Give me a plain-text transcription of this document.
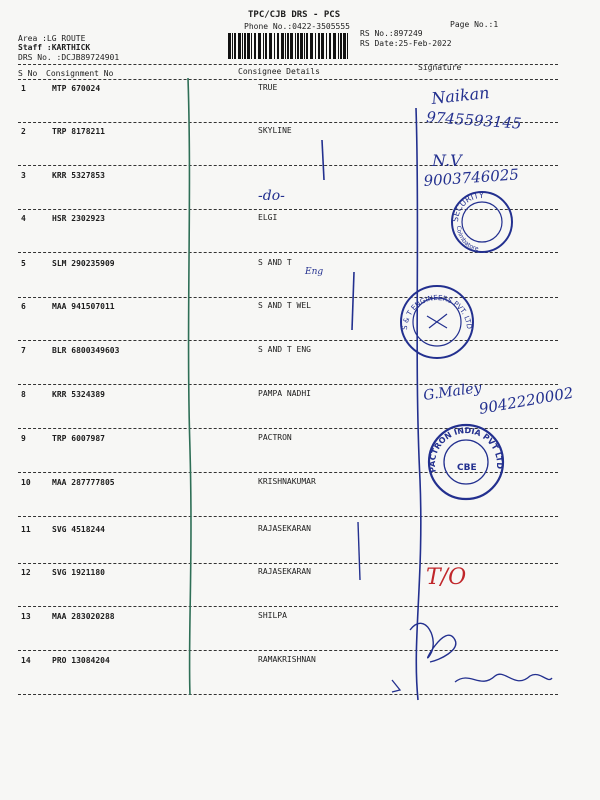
TPC/CJB DRS - PCS
Phone No.:0422-3505555	Page No.:1
Area :LG ROUTE
Staff :KARTHICK
DRS No. :DCJB89724901
RS No.:897249
RS Date:25-Feb-2022
S No Consignment No	Consignee Details	Signature
1	MTP 670024	TRUE
2	TRP 8178211	SKYLINE
3	KRR 5327853
4	HSR 2302923	ELGI
5	SLM 290235909	S AND T
6	MAA 941507011	S AND T WEL
7	BLR 6800349603	S AND T ENG
8	KRR 5324389	PAMPA NADHI
9	TRP 6007987	PACTRON
10	MAA 287777805	KRISHNAKUMAR
11	SVG 4518244	RAJASEKARAN
12	SVG 1921180	RAJASEKARAN
13	MAA 283020288	SHILPA
14	PRO 13084204	RAMAKRISHNAN
Naikan
9745593145
N.V
9003746025
-do-
Eng
G.Maley
9042220002
T/O
SECURITY
Coimbatore
S & T ENGINEERS PVT. LTD.
PACTRON INDIA PVT LTD
CBE
